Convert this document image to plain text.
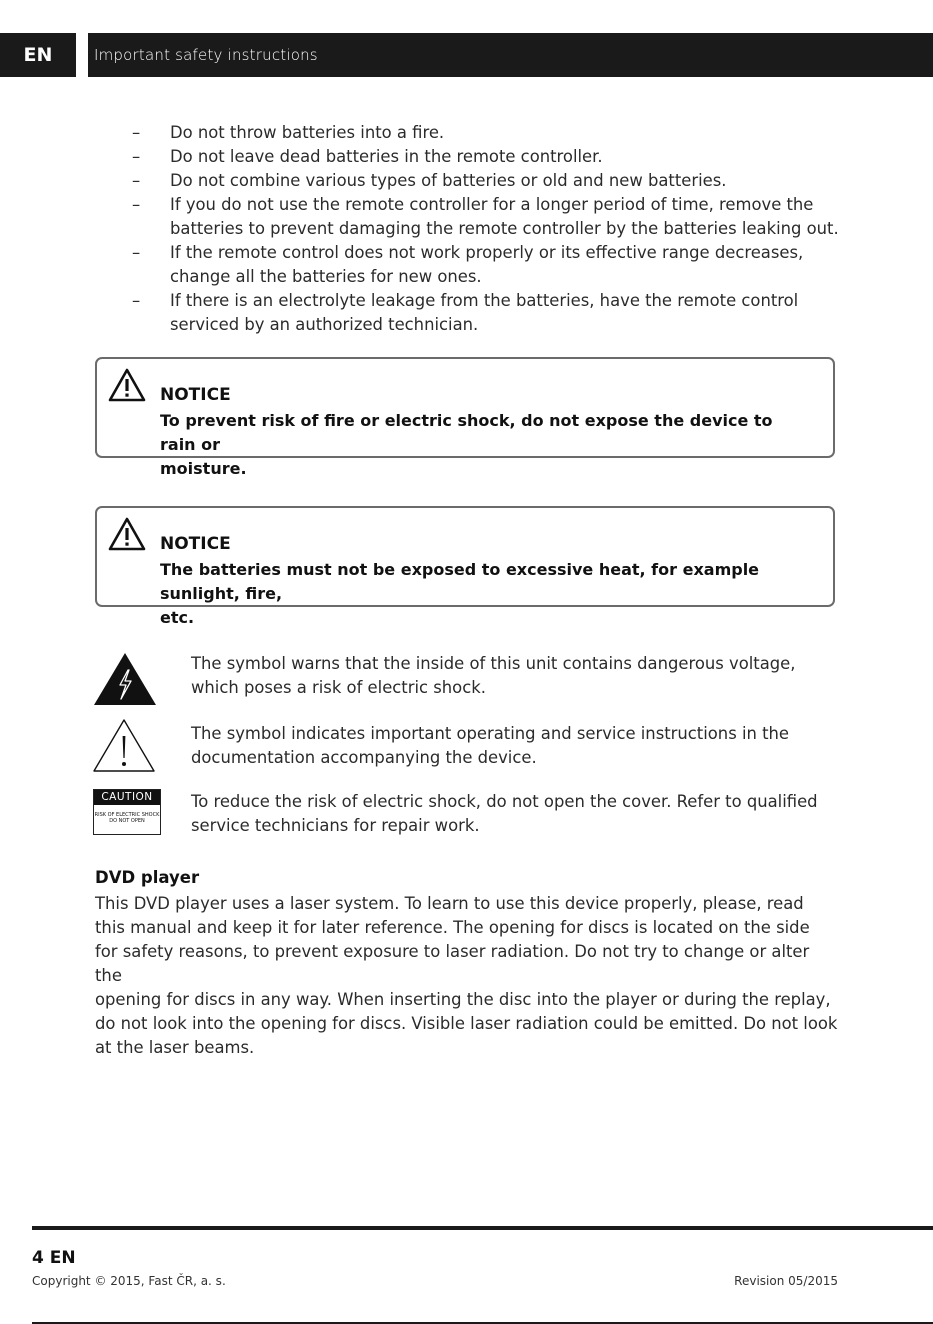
EN	Important safety instructions
– Do not throw batteries into a fire.
– Do not leave dead batteries in the remote controller.
– Do not combine various types of batteries or old and new batteries.
– If you do not use the remote controller for a longer period of time, remove the
batteries to prevent damaging the remote controller by the batteries leaking out.
– If the remote control does not work properly or its effective range decreases,
change all the batteries for new ones.
– If there is an electrolyte leakage from the batteries, have the remote control
serviced by an authorized technician.
NOTICE
To prevent risk of fire or electric shock, do not expose the device to rain or
moisture.
NOTICE
The batteries must not be exposed to excessive heat, for example sunlight, fire,
etc.
The symbol warns that the inside of this unit contains dangerous voltage,
which poses a risk of electric shock.
The symbol indicates important operating and service instructions in the
documentation accompanying the device.
CAUTION
RISK OF ELECTRIC SHOCK
DO NOT OPEN
To reduce the risk of electric shock, do not open the cover. Refer to qualified
service technicians for repair work.
DVD player
This DVD player uses a laser system. To learn to use this device properly, please, read
this manual and keep it for later reference. The opening for discs is located on the side
for safety reasons, to prevent exposure to laser radiation. Do not try to change or alter the
opening for discs in any way. When inserting the disc into the player or during the replay,
do not look into the opening for discs. Visible laser radiation could be emitted. Do not look
at the laser beams.
4 EN
Copyright © 2015, Fast ČR, a. s.	Revision 05/2015
